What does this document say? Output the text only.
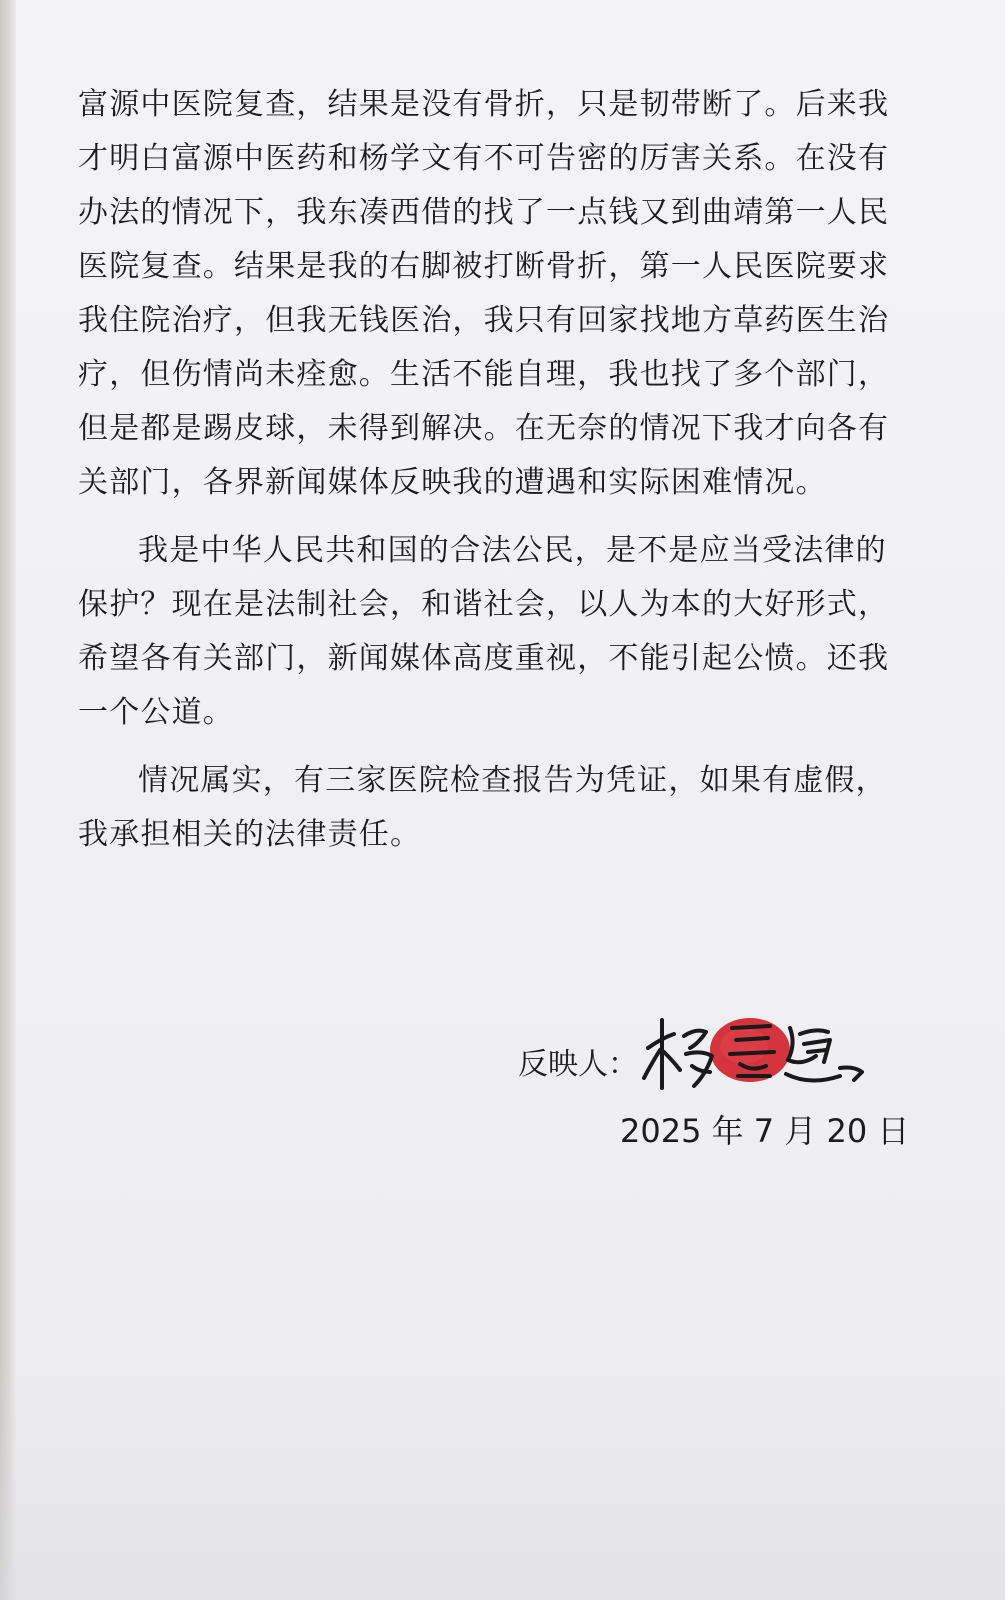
富源中医院复查，结果是没有骨折，只是韧带断了。后来我
才明白富源中医药和杨学文有不可告密的厉害关系。在没有
办法的情况下，我东凑西借的找了一点钱又到曲靖第一人民
医院复查。结果是我的右脚被打断骨折，第一人民医院要求
我住院治疗，但我无钱医治，我只有回家找地方草药医生治
疗，但伤情尚未痊愈。生活不能自理，我也找了多个部门，
但是都是踢皮球，未得到解决。在无奈的情况下我才向各有
关部门，各界新闻媒体反映我的遭遇和实际困难情况。
我是中华人民共和国的合法公民，是不是应当受法律的
保护？现在是法制社会，和谐社会，以人为本的大好形式，
希望各有关部门，新闻媒体高度重视，不能引起公愤。还我
一个公道。
情况属实，有三家医院检查报告为凭证，如果有虚假，
我承担相关的法律责任。
反映人：
2025 年 7 月 20 日
